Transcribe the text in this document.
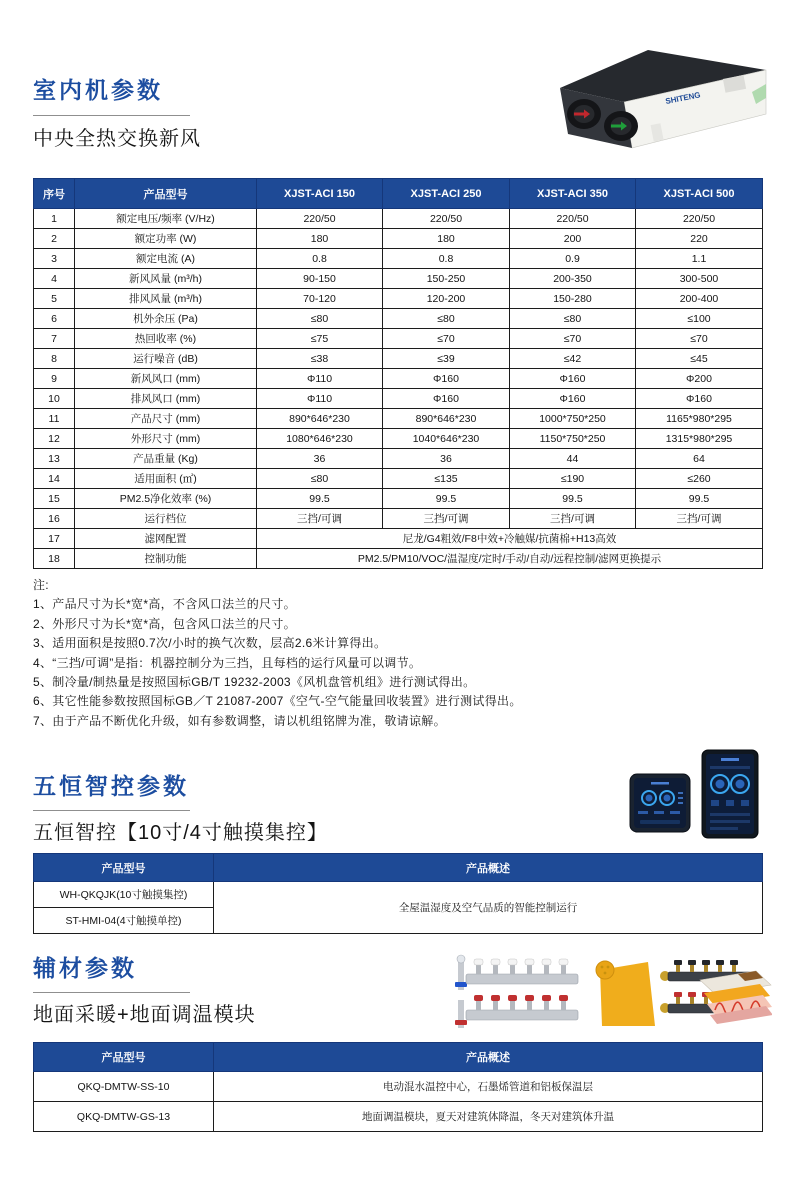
室内机参数
中央全热交换新风
SHITENG
序号	产品型号	XJST-ACI 150	XJST-ACI 250	XJST-ACI 350	XJST-ACI 500
1	额定电压/频率 (V/Hz)	220/50	220/50	220/50	220/50
2	额定功率 (W)	180	180	200	220
3	额定电流 (A)	0.8	0.8	0.9	1.1
4	新风风量 (m³/h)	90-150	150-250	200-350	300-500
5	排风风量 (m³/h)	70-120	120-200	150-280	200-400
6	机外余压 (Pa)	≤80	≤80	≤80	≤100
7	热回收率 (%)	≤75	≤70	≤70	≤70
8	运行噪音 (dB)	≤38	≤39	≤42	≤45
9	新风风口 (mm)	Φ110	Φ160	Φ160	Φ200
10	排风风口 (mm)	Φ110	Φ160	Φ160	Φ160
11	产品尺寸 (mm)	890*646*230	890*646*230	1000*750*250	1165*980*295
12	外形尺寸 (mm)	1080*646*230	1040*646*230	1150*750*250	1315*980*295
13	产品重量 (Kg)	36	36	44	64
14	适用面积 (㎡)	≤80	≤135	≤190	≤260
15	PM2.5净化效率 (%)	99.5	99.5	99.5	99.5
16	运行档位	三挡/可调	三挡/可调	三挡/可调	三挡/可调
17	滤网配置	尼龙/G4粗效/F8中效+冷触媒/抗菌棉+H13高效			
18	控制功能	PM2.5/PM10/VOC/温湿度/定时/手动/自动/远程控制/滤网更换提示			
注:
1、产品尺寸为长*宽*高，不含风口法兰的尺寸。
2、外形尺寸为长*宽*高，包含风口法兰的尺寸。
3、适用面积是按照0.7次/小时的换气次数，层高2.6米计算得出。
4、“三挡/可调”是指：机器控制分为三挡，且每档的运行风量可以调节。
5、制冷量/制热量是按照国标GB/T 19232-2003《风机盘管机组》进行测试得出。
6、其它性能参数按照国标GB／T 21087-2007《空气-空气能量回收装置》进行测试得出。
7、由于产品不断优化升级，如有参数调整，请以机组铭牌为准，敬请谅解。
五恒智控参数
五恒智控【10寸/4寸触摸集控】
产品型号	产品概述
WH-QKQJK(10寸触摸集控)	全屋温湿度及空气品质的智能控制运行
ST-HMI-04(4寸触摸单控)	
辅材参数
地面采暖+地面调温模块
产品型号	产品概述
QKQ-DMTW-SS-10	电动混水温控中心，石墨烯管道和铝板保温层
QKQ-DMTW-GS-13	地面调温模块，夏天对建筑体降温，冬天对建筑体升温
